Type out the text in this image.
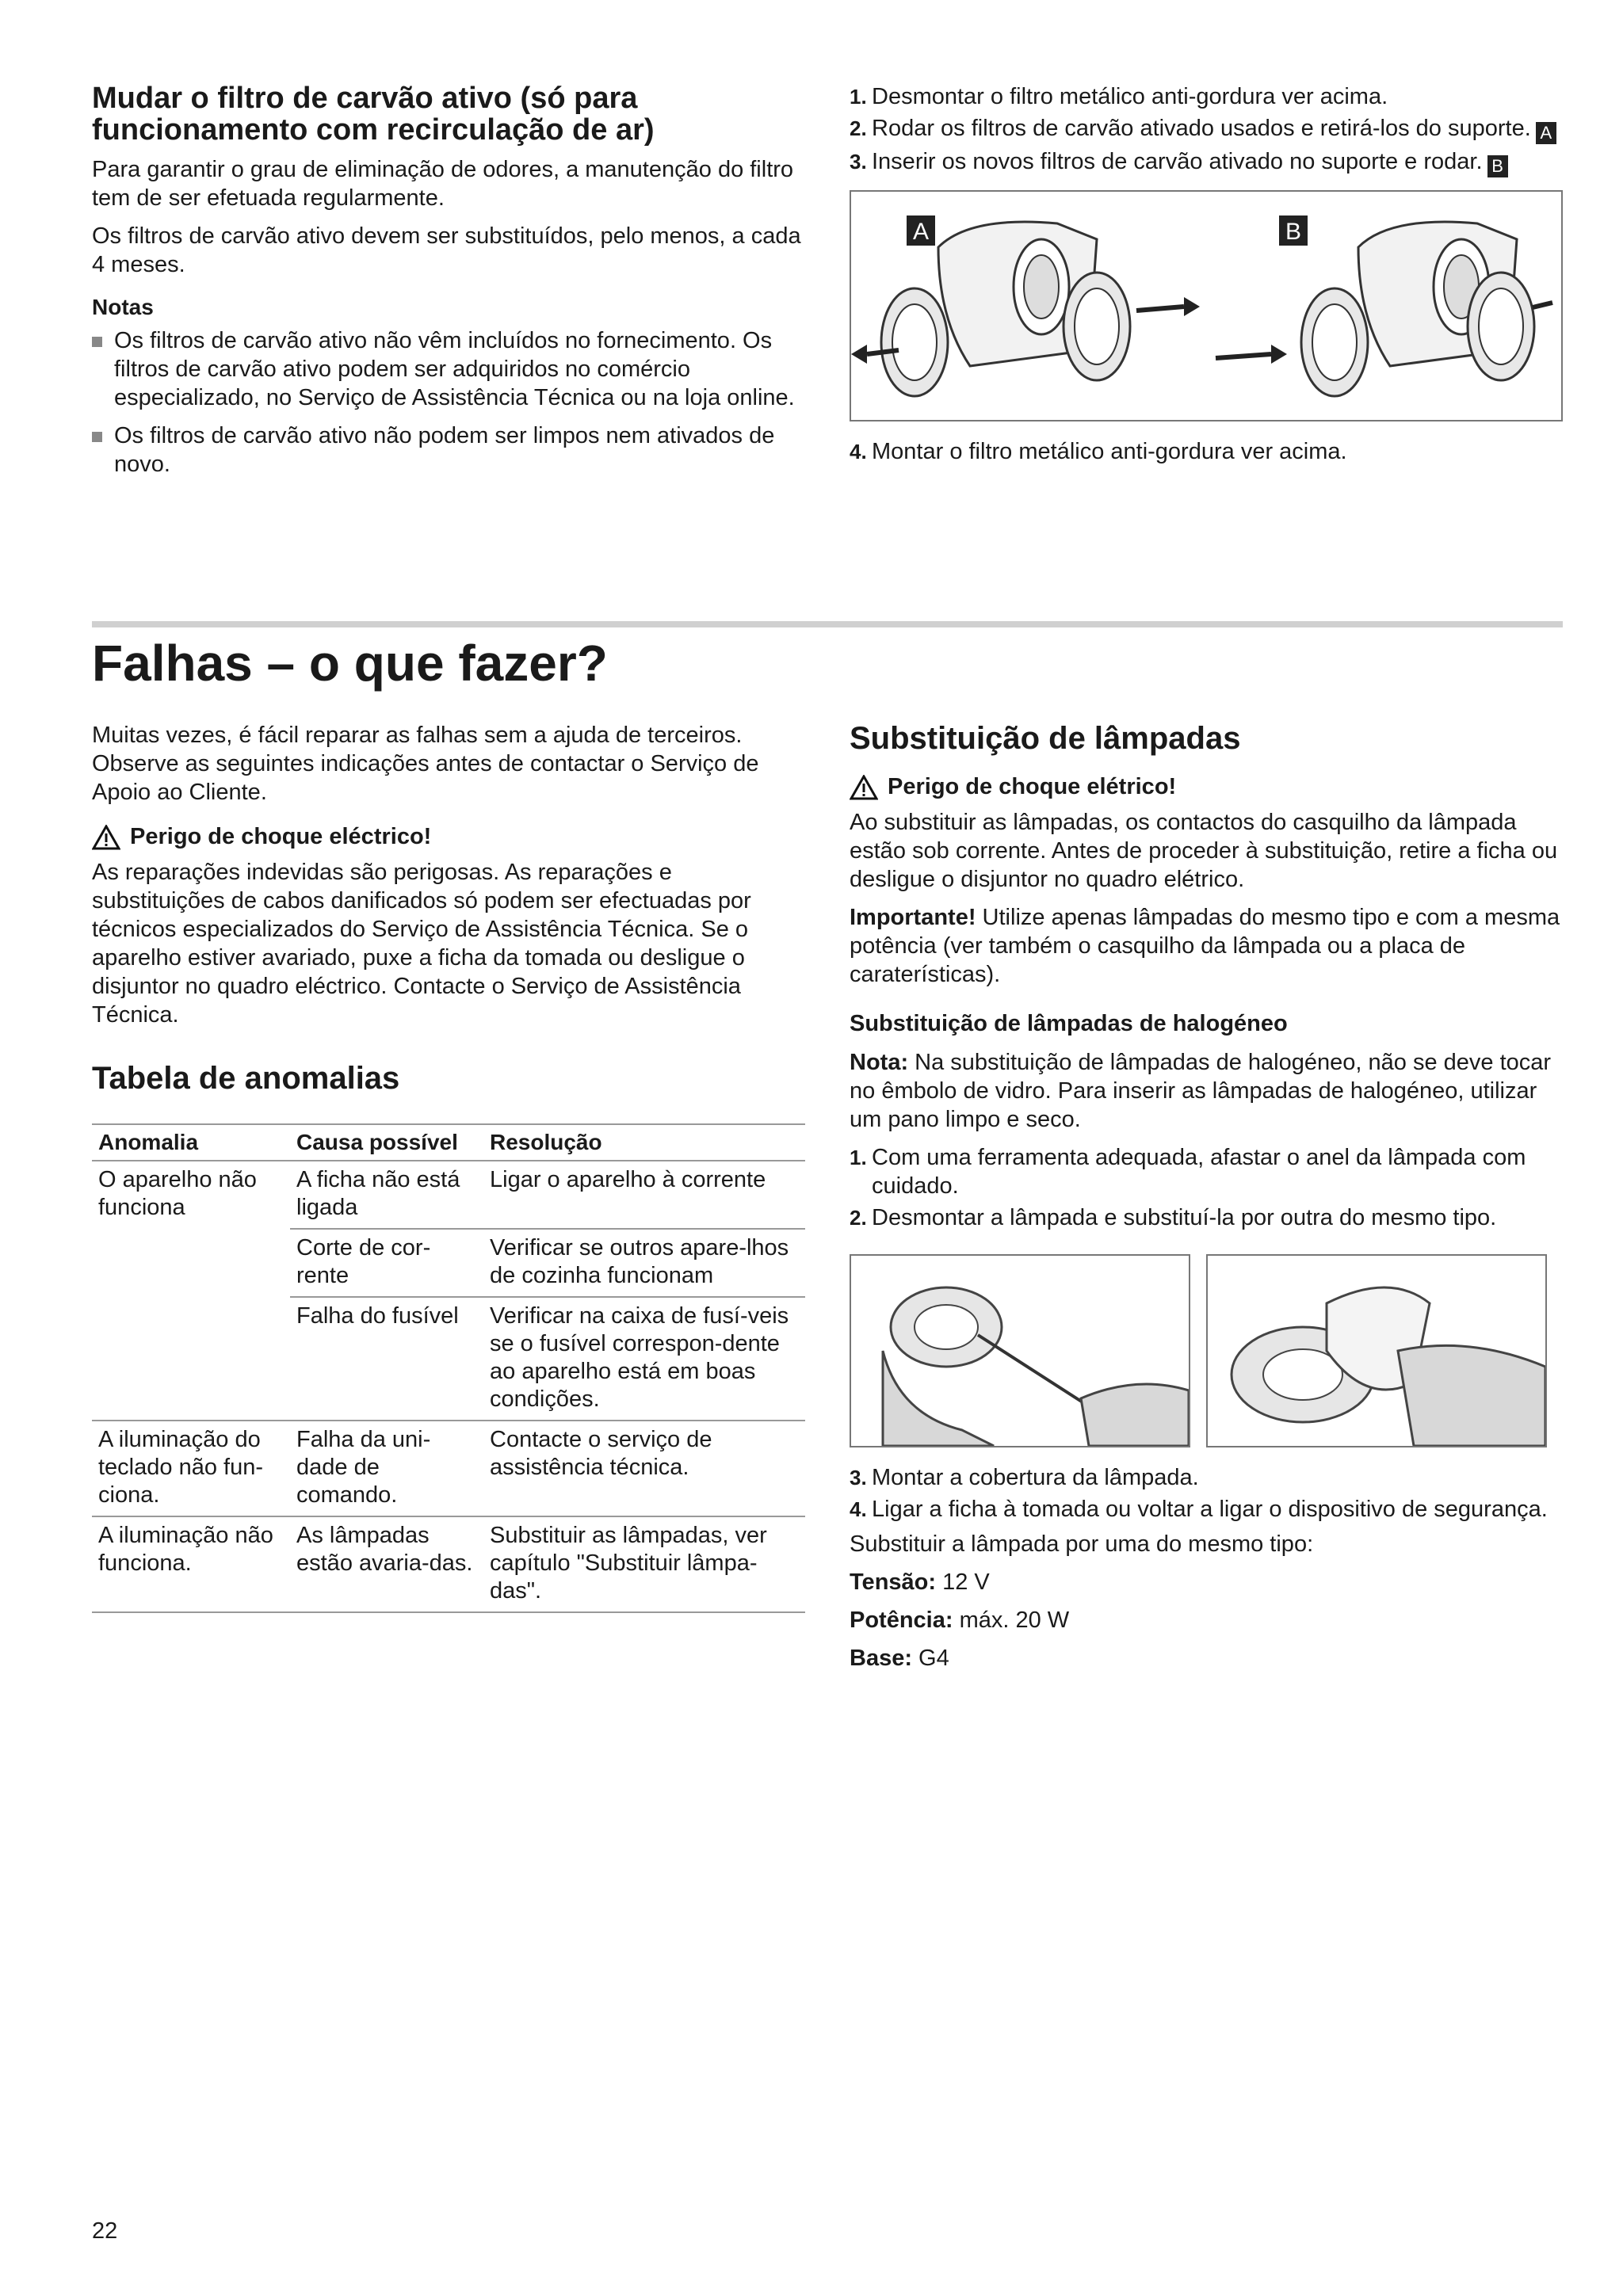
Mudar o filtro de carvão ativo (só para funcionamento com recirculação de ar)

Para garantir o grau de eliminação de odores, a manutenção do filtro tem de ser efetuada regularmente.

Os filtros de carvão ativo devem ser substituídos, pelo menos, a cada 4 meses.

Notas
Os filtros de carvão ativo não vêm incluídos no fornecimento. Os filtros de carvão ativo podem ser adquiridos no comércio especializado, no Serviço de Assistência Técnica ou na loja online.
Os filtros de carvão ativo não podem ser limpos nem ativados de novo.
1. Desmontar o filtro metálico anti-gordura ver acima.
2. Rodar os filtros de carvão ativado usados e retirá-los do suporte. A
3. Inserir os novos filtros de carvão ativado no suporte e rodar. B
A	B
4. Montar o filtro metálico anti-gordura ver acima.
Falhas – o que fazer?

Muitas vezes, é fácil reparar as falhas sem a ajuda de terceiros. Observe as seguintes indicações antes de contactar o Serviço de Apoio ao Cliente.

Perigo de choque eléctrico!

As reparações indevidas são perigosas. As reparações e substituições de cabos danificados só podem ser efectuadas por técnicos especializados do Serviço de Assistência Técnica. Se o aparelho estiver avariado, puxe a ficha da tomada ou desligue o disjuntor no quadro eléctrico. Contacte o Serviço de Assistência Técnica.

Tabela de anomalias
Anomalia	Causa possível	Resolução
O aparelho não funciona	A ficha não está ligada	Ligar o aparelho à corrente
	Corte de cor-rente	Verificar se outros apare-lhos de cozinha funcionam
	Falha do fusível	Verificar na caixa de fusí-veis se o fusível correspon-dente ao aparelho está em boas condições.
A iluminação do teclado não fun-ciona.	Falha da uni-dade de comando.	Contacte o serviço de assistência técnica.
A iluminação não funciona.	As lâmpadas estão avaria-das.	Substituir as lâmpadas, ver capítulo "Substituir lâmpa-das".
Substituição de lâmpadas
Perigo de choque elétrico!

Ao substituir as lâmpadas, os contactos do casquilho da lâmpada estão sob corrente. Antes de proceder à substituição, retire a ficha ou desligue o disjuntor no quadro elétrico.

Importante! Utilize apenas lâmpadas do mesmo tipo e com a mesma potência (ver também o casquilho da lâmpada ou a placa de caraterísticas).

Substituição de lâmpadas de halogéneo

Nota: Na substituição de lâmpadas de halogéneo, não se deve tocar no êmbolo de vidro. Para inserir as lâmpadas de halogéneo, utilizar um pano limpo e seco.

1. Com uma ferramenta adequada, afastar o anel da lâmpada com cuidado.
2. Desmontar a lâmpada e substituí-la por outra do mesmo tipo.
3. Montar a cobertura da lâmpada.
4. Ligar a ficha à tomada ou voltar a ligar o dispositivo de segurança.

Substituir a lâmpada por uma do mesmo tipo:

Tensão: 12 V
Potência: máx. 20 W
Base: G4
22
